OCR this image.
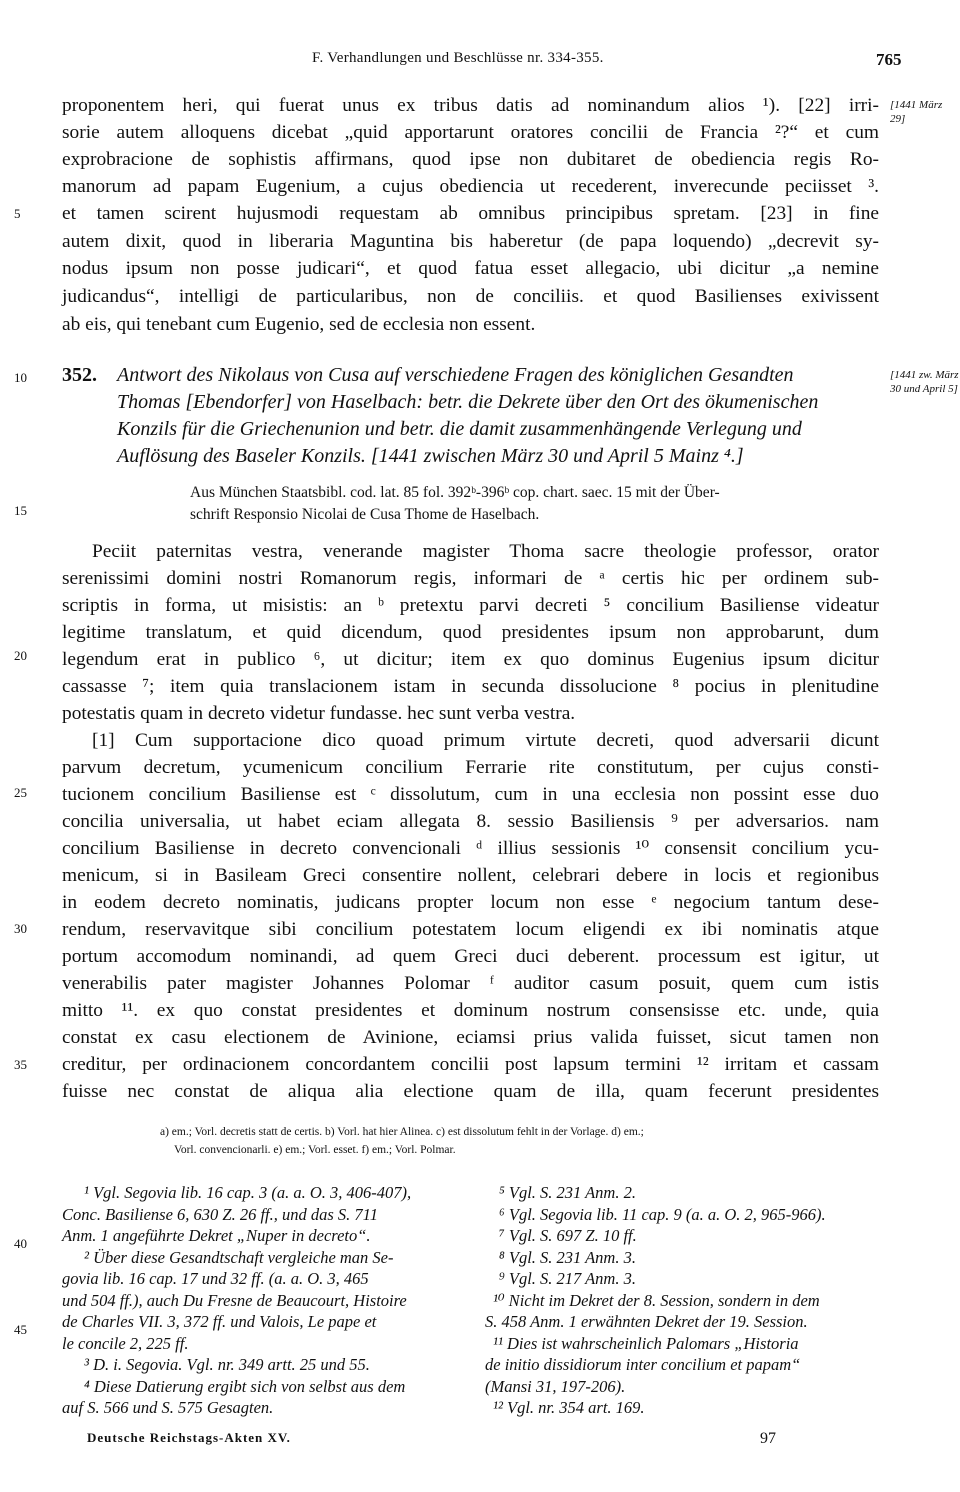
F. Verhandlungen und Beschlüsse nr. 334-355.	765
proponentem heri, qui fuerat unus ex tribus datis ad nominandum alios ¹). [22] irri-
sorie autem alloquens dicebat „quid apportarunt oratores concilii de Francia ²?“ et cum
exprobracione de sophistis affirmans, quod ipse non dubitaret de obediencia regis Ro-
manorum ad papam Eugenium, a cujus obediencia ut recederent, inverecunde peciisset ³.
et tamen scirent hujusmodi requestam ab omnibus principibus spretam. [23] in fine
autem dixit, quod in liberaria Maguntina bis haberetur (de papa loquendo) „decrevit sy-
nodus ipsum non posse judicari“, et quod fatua esset allegacio, ubi dicitur „a nemine
judicandus“, intelligi de particularibus, non de conciliis. et quod Basilienses exivissent
ab eis, qui tenebant cum Eugenio, sed de ecclesia non essent.
[1441 März 29]
5
10
15
20
25
30
35
40
45
352. Antwort des Nikolaus von Cusa auf verschiedene Fragen des königlichen Gesandten
Thomas [Ebendorfer] von Haselbach: betr. die Dekrete über den Ort des ökumenischen
Konzils für die Griechenunion und betr. die damit zusammenhängende Verlegung und
Auflösung des Baseler Konzils. [1441 zwischen März 30 und April 5 Mainz ⁴.]
[1441 zw. März 30 und April 5]
Aus München Staatsbibl. cod. lat. 85 fol. 392ᵇ-396ᵇ cop. chart. saec. 15 mit der Über-
schrift Responsio Nicolai de Cusa Thome de Haselbach.
Peciit paternitas vestra, venerande magister Thoma sacre theologie professor, orator
serenissimi domini nostri Romanorum regis, informari de ᵃ certis hic per ordinem sub-
scriptis in forma, ut misistis: an ᵇ pretextu parvi decreti ⁵ concilium Basiliense videatur
legitime translatum, et quid dicendum, quod presidentes ipsum non approbarunt, dum
legendum erat in publico ⁶, ut dicitur; item ex quo dominus Eugenius ipsum dicitur
cassasse ⁷; item quia translacionem istam in secunda dissolucione ⁸ pocius in plenitudine
potestatis quam in decreto videtur fundasse. hec sunt verba vestra.
[1] Cum supportacione dico quoad primum virtute decreti, quod adversarii dicunt
parvum decretum, ycumenicum concilium Ferrarie rite constitutum, per cujus consti-
tucionem concilium Basiliense est ᶜ dissolutum, cum in una ecclesia non possint esse duo
concilia universalia, ut habet eciam allegata 8. sessio Basiliensis ⁹ per adversarios. nam
concilium Basiliense in decreto convencionali ᵈ illius sessionis ¹⁰ consensit concilium ycu-
menicum, si in Basileam Greci consentire nollent, celebrari debere in locis et regionibus
in eodem decreto nominatis, judicans propter locum non esse ᵉ negocium tantum dese-
rendum, reservavitque sibi concilium potestatem locum eligendi ex ibi nominatis atque
portum accomodum nominandi, ad quem Greci duci deberent. processum est igitur, ut
venerabilis pater magister Johannes Polomar ᶠ auditor casum posuit, quem cum istis
mitto ¹¹. ex quo constat presidentes et dominum nostrum consensisse etc. unde, quia
constat ex casu electionem de Avinione, eciamsi prius valida fuisset, sicut tamen non
creditur, per ordinacionem concordantem concilii post lapsum termini ¹² irritam et cassam
fuisse nec constat de aliqua alia electione quam de illa, quam fecerunt presidentes
a) em.; Vorl. decretis statt de certis. b) Vorl. hat hier Alinea. c) est dissolutum fehlt in der Vorlage. d) em.;
Vorl. convencionarli. e) em.; Vorl. esset. f) em.; Vorl. Polmar.

¹ Vgl. Segovia lib. 16 cap. 3 (a. a. O. 3, 406-407),

Conc. Basiliense 6, 630 Z. 26 ff., und das S. 711

Anm. 1 angeführte Dekret „Nuper in decreto“.

² Über diese Gesandtschaft vergleiche man Se-

govia lib. 16 cap. 17 und 32 ff. (a. a. O. 3, 465

und 504 ff.), auch Du Fresne de Beaucourt, Histoire

de Charles VII. 3, 372 ff. und Valois, Le pape et

le concile 2, 225 ff.

³ D. i. Segovia. Vgl. nr. 349 artt. 25 und 55.

⁴ Diese Datierung ergibt sich von selbst aus dem

auf S. 566 und S. 575 Gesagten.

⁵ Vgl. S. 231 Anm. 2.

⁶ Vgl. Segovia lib. 11 cap. 9 (a. a. O. 2, 965-966).

⁷ Vgl. S. 697 Z. 10 ff.

⁸ Vgl. S. 231 Anm. 3.

⁹ Vgl. S. 217 Anm. 3.

¹⁰ Nicht im Dekret der 8. Session, sondern in dem

S. 458 Anm. 1 erwähnten Dekret der 19. Session.

¹¹ Dies ist wahrscheinlich Palomars „Historia

de initio dissidiorum inter concilium et papam“

(Mansi 31, 197-206).

¹² Vgl. nr. 354 art. 169.

Deutsche Reichstags-Akten XV.	97
